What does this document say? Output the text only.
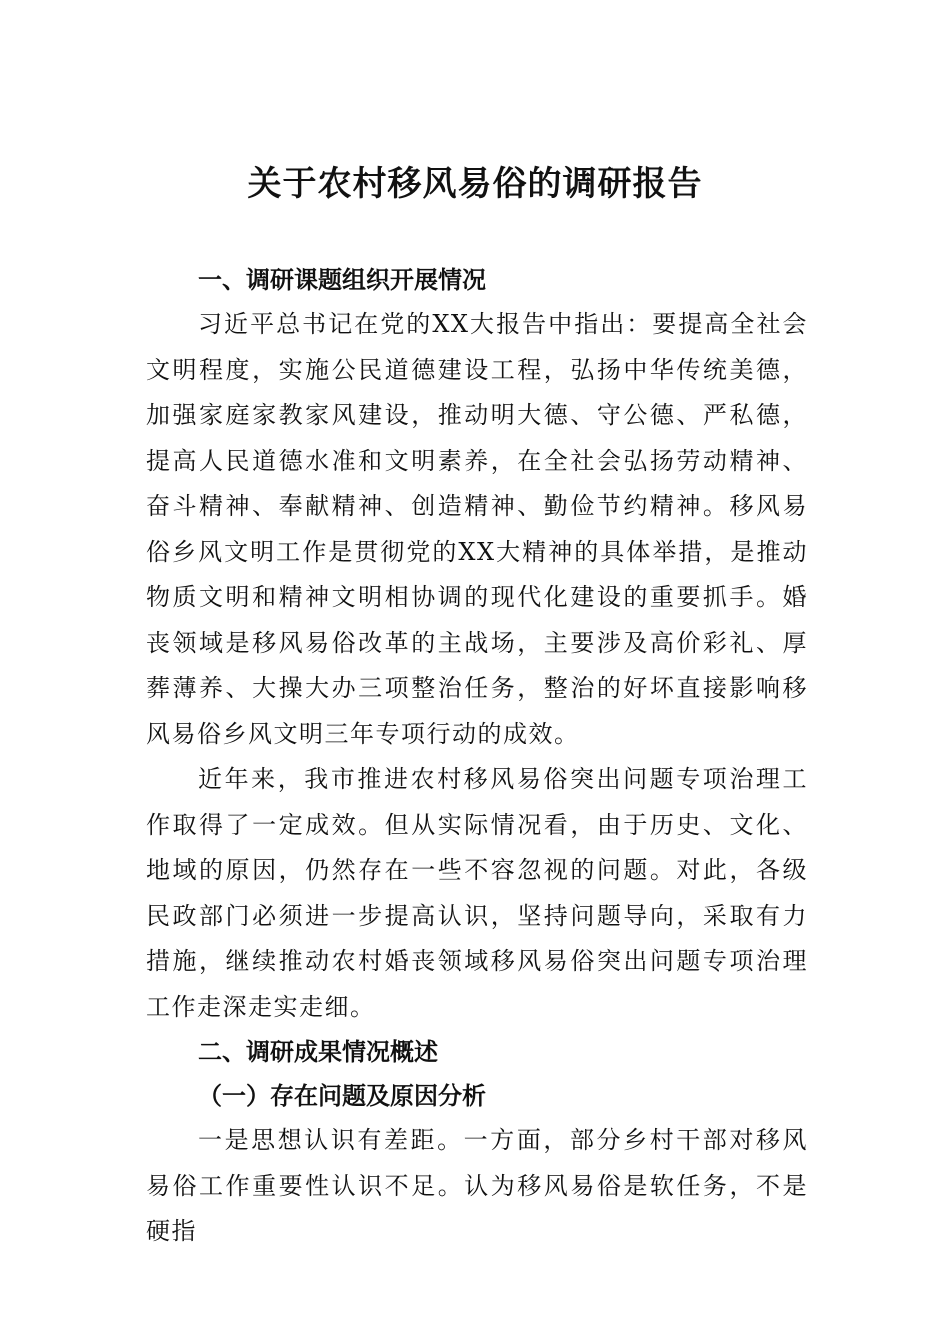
关于农村移风易俗的调研报告
一、调研课题组织开展情况

习近平总书记在党的XX大报告中指出：要提高全社会文明程度，实施公民道德建设工程，弘扬中华传统美德，加强家庭家教家风建设，推动明大德、守公德、严私德，提高人民道德水准和文明素养，在全社会弘扬劳动精神、奋斗精神、奉献精神、创造精神、勤俭节约精神。移风易俗乡风文明工作是贯彻党的XX大精神的具体举措，是推动物质文明和精神文明相协调的现代化建设的重要抓手。婚丧领域是移风易俗改革的主战场，主要涉及高价彩礼、厚葬薄养、大操大办三项整治任务，整治的好坏直接影响移风易俗乡风文明三年专项行动的成效。

近年来，我市推进农村移风易俗突出问题专项治理工作取得了一定成效。但从实际情况看，由于历史、文化、地域的原因，仍然存在一些不容忽视的问题。对此，各级民政部门必须进一步提高认识，坚持问题导向，采取有力措施，继续推动农村婚丧领域移风易俗突出问题专项治理工作走深走实走细。

二、调研成果情况概述
（一）存在问题及原因分析

一是思想认识有差距。一方面，部分乡村干部对移风易俗工作重要性认识不足。认为移风易俗是软任务，不是硬指
